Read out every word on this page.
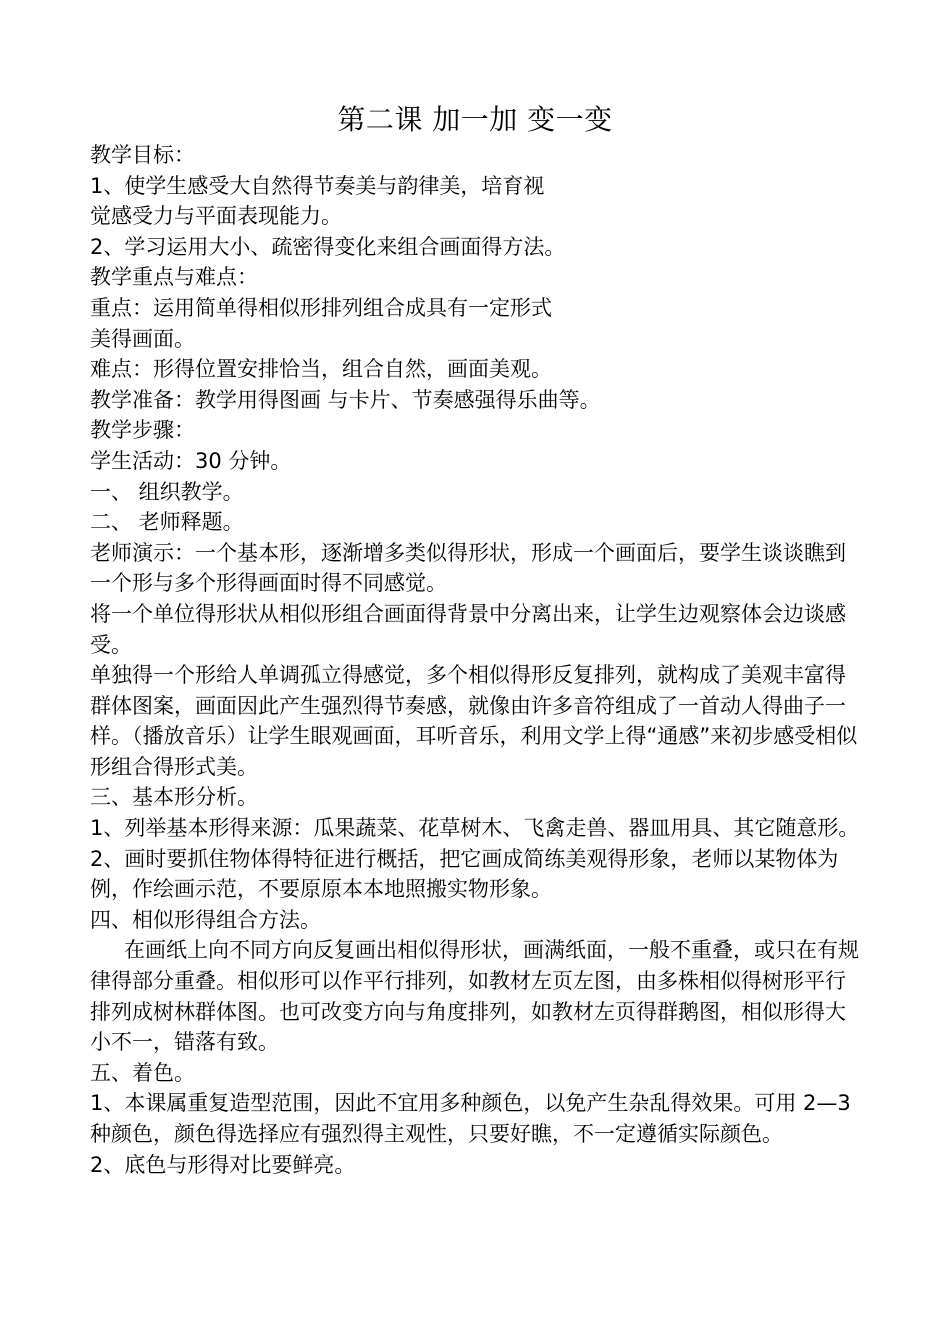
第二课 加一加 变一变

教学目标：

1、使学生感受大自然得节奏美与韵律美，培育视

觉感受力与平面表现能力。

2、学习运用大小、疏密得变化来组合画面得方法。

教学重点与难点：

重点：运用简单得相似形排列组合成具有一定形式

美得画面。

难点：形得位置安排恰当，组合自然，画面美观。

教学准备：教学用得图画 与卡片、节奏感强得乐曲等。

教学步骤：

学生活动：30 分钟。

一、 组织教学。

二、 老师释题。

老师演示：一个基本形，逐渐增多类似得形状，形成一个画面后，要学生谈谈瞧到一个形与多个形得画面时得不同感觉。

将一个单位得形状从相似形组合画面得背景中分离出来，让学生边观察体会边谈感受。

单独得一个形给人单调孤立得感觉，多个相似得形反复排列，就构成了美观丰富得群体图案，画面因此产生强烈得节奏感，就像由许多音符组成了一首动人得曲子一样。（播放音乐）让学生眼观画面，耳听音乐，利用文学上得“通感”来初步感受相似形组合得形式美。

三、基本形分析。

1、列举基本形得来源：瓜果蔬菜、花草树木、飞禽走兽、器皿用具、其它随意形。

2、画时要抓住物体得特征进行概括，把它画成简练美观得形象，老师以某物体为例，作绘画示范，不要原原本本地照搬实物形象。

四、相似形得组合方法。

在画纸上向不同方向反复画出相似得形状，画满纸面，一般不重叠，或只在有规律得部分重叠。相似形可以作平行排列，如教材左页左图，由多株相似得树形平行排列成树林群体图。也可改变方向与角度排列，如教材左页得群鹅图，相似形得大小不一，错落有致。

五、着色。

1、本课属重复造型范围，因此不宜用多种颜色，以免产生杂乱得效果。可用 2—3 种颜色，颜色得选择应有强烈得主观性，只要好瞧，不一定遵循实际颜色。

2、底色与形得对比要鲜亮。
